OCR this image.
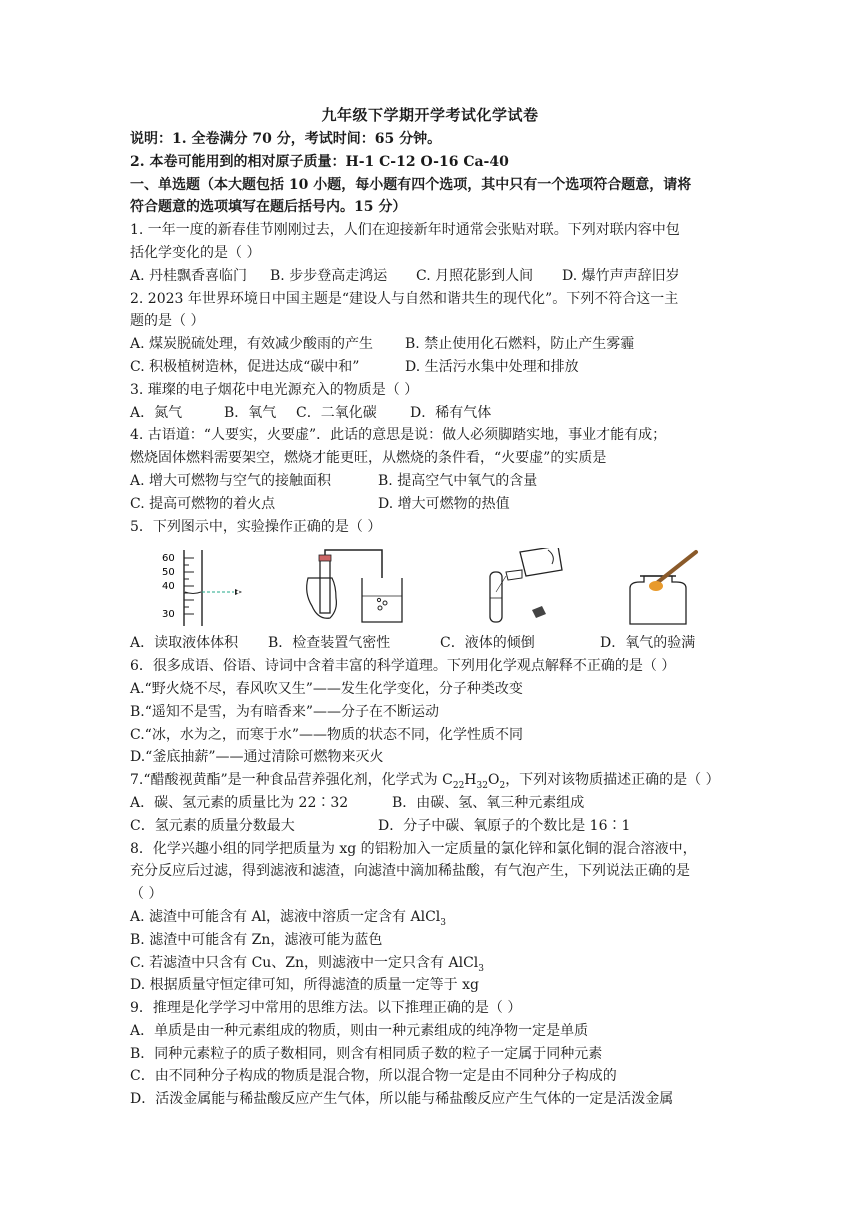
九年级下学期开学考试化学试卷
说明：1. 全卷满分 70 分，考试时间：65 分钟。
2. 本卷可能用到的相对原子质量：H-1 C-12 O-16 Ca-40
一、单选题（本大题包括 10 小题，每小题有四个选项，其中只有一个选项符合题意，请将
符合题意的选项填写在题后括号内。15 分）
1. 一年一度的新春佳节刚刚过去，人们在迎接新年时通常会张贴对联。下列对联内容中包
括化学变化的是（ ）
A. 丹桂飘香喜临门	B. 步步登高走鸿运	C. 月照花影到人间	D. 爆竹声声辞旧岁
2. 2023 年世界环境日中国主题是“建设人与自然和谐共生的现代化”。下列不符合这一主
题的是（ ）
A. 煤炭脱硫处理，有效减少酸雨的产生	B. 禁止使用化石燃料，防止产生雾霾
C. 积极植树造林，促进达成“碳中和”	D. 生活污水集中处理和排放
3. 璀璨的电子烟花中电光源充入的物质是（ ）
A．氮气	B．氧气	C．二氧化碳	D．稀有气体
4. 古语道：“人要实，火要虚”．此话的意思是说：做人必须脚踏实地，事业才能有成；
燃烧固体燃料需要架空，燃烧才能更旺，从燃烧的条件看，“火要虚”的实质是
A. 增大可燃物与空气的接触面积	B. 提高空气中氧气的含量
C. 提高可燃物的着火点	D. 增大可燃物的热值
5．下列图示中，实验操作正确的是（ ）
60
50
40
30
A．读取液体体积	B．检查装置气密性	C．液体的倾倒	D．氧气的验满
6．很多成语、俗语、诗词中含着丰富的科学道理。下列用化学观点解释不正确的是（ ）
A.“野火烧不尽，春风吹又生”——发生化学变化，分子种类改变
B.“遥知不是雪，为有暗香来”——分子在不断运动
C.“冰，水为之，而寒于水”——物质的状态不同，化学性质不同
D.“釜底抽薪”——通过清除可燃物来灭火
7.“醋酸视黄酯”是一种食品营养强化剂，化学式为 $C_{22}H_{32}O_2$，下列对该物质描述正确的是（ ）
A．碳、氢元素的质量比为 22∶32	B．由碳、氢、氧三种元素组成
C．氢元素的质量分数最大	D．分子中碳、氧原子的个数比是 16∶1
8．化学兴趣小组的同学把质量为 xg 的铝粉加入一定质量的氯化锌和氯化铜的混合溶液中，
充分反应后过滤，得到滤液和滤渣，向滤渣中滴加稀盐酸，有气泡产生，下列说法正确的是
（ ）
A. 滤渣中可能含有 Al，滤液中溶质一定含有 AlCl$_3$
B. 滤渣中可能含有 Zn，滤液可能为蓝色
C. 若滤渣中只含有 Cu、Zn，则滤液中一定只含有 AlCl$_3$
D. 根据质量守恒定律可知，所得滤渣的质量一定等于 xg
9．推理是化学学习中常用的思维方法。以下推理正确的是（ ）
A．单质是由一种元素组成的物质，则由一种元素组成的纯净物一定是单质
B．同种元素粒子的质子数相同，则含有相同质子数的粒子一定属于同种元素
C．由不同种分子构成的物质是混合物，所以混合物一定是由不同种分子构成的
D．活泼金属能与稀盐酸反应产生气体，所以能与稀盐酸反应产生气体的一定是活泼金属
